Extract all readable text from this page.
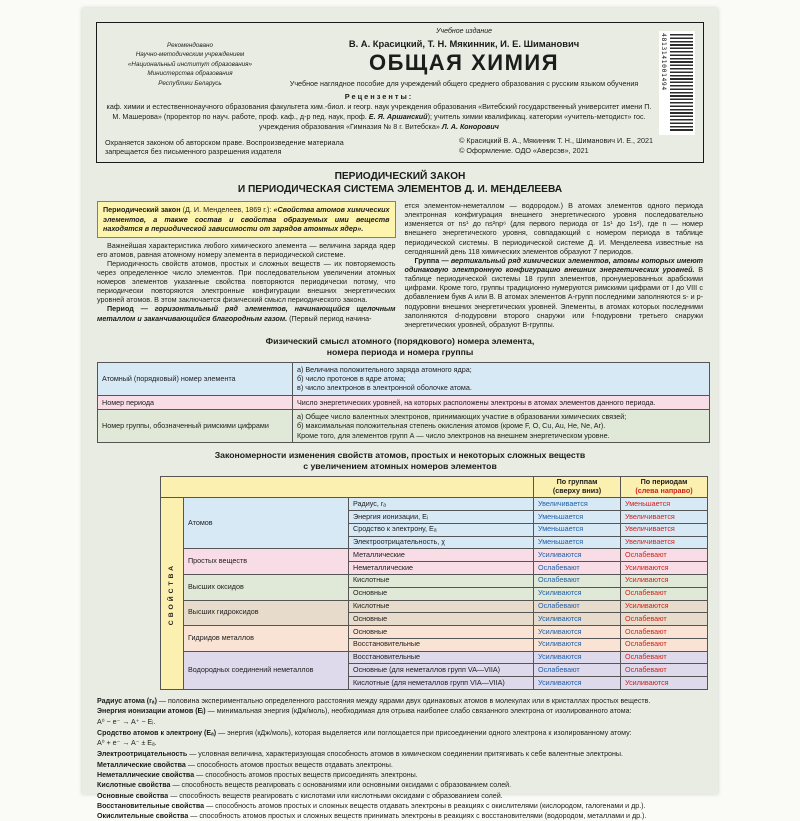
Рекомендовано
Научно-методическим учреждением
«Национальный институт образования»
Министерства образования
Республики Беларусь
Учебное издание
В. А. Красицкий, Т. Н. Мякинник, И. Е. Шиманович
ОБЩАЯ ХИМИЯ
Учебное наглядное пособие для учреждений общего среднего образования с русским языком обучения
Рецензенты:
каф. химии и естественнонаучного образования факультета хим.-биол. и геогр. наук учреждения образования «Витебский государственный университет имени П. М. Машерова» (проректор по науч. работе, проф. каф., д-р пед. наук, проф. Е. Я. Аршанский); учитель химии квалификац. категории «учитель-методист» гос. учреждения образования «Гимназия № 8 г. Витебска» Л. А. Конорович
Охраняется законом об авторском праве. Воспроизведение материала запрещается без письменного разрешения издателя
© Красицкий В. А., Мякинник Т. Н., Шиманович И. Е., 2021
© Оформление. ОДО «Аверсэв», 2021
4813141001494
ПЕРИОДИЧЕСКИЙ ЗАКОН
И ПЕРИОДИЧЕСКАЯ СИСТЕМА ЭЛЕМЕНТОВ Д. И. МЕНДЕЛЕЕВА
Периодический закон (Д. И. Менделеев, 1869 г.): «Свойства атомов химических элементов, а также состав и свойства образуемых ими веществ находятся в периодической зависимости от зарядов атомных ядер».
Важнейшая характеристика любого химического элемента — величина заряда ядер его атомов, равная атомному номеру элемента в периодической системе.
Периодичность свойств атомов, простых и сложных веществ — их повторяемость через определенное число элементов. При последовательном увеличении атомных номеров элементов указанные свойства повторяются периодически потому, что периодически повторяются электронные конфигурации внешних энергетических уровней атомов. В этом заключается физический смысл периодического закона.
Период — горизонтальный ряд элементов, начинающийся щелочным металлом и заканчивающийся благородным газом. (Первый период начина-
ется элементом-неметаллом — водородом.) В атомах элементов одного периода электронная конфигурация внешнего энергетического уровня последовательно изменяется от ns¹ до ns²np⁶ (для первого периода от 1s¹ до 1s²), где n — номер внешнего энергетического уровня, совпадающий с номером периода в таблице периодической системы. В периодической системе Д. И. Менделеева известные на сегодняшний день 118 химических элементов образуют 7 периодов.
Группа — вертикальный ряд химических элементов, атомы которых имеют одинаковую электронную конфигурацию внешних энергетических уровней. В таблице периодической системы 18 групп элементов, пронумерованных арабскими цифрами. Кроме того, группы традиционно нумеруются римскими цифрами от I до VIII с добавлением букв А или В. В атомах элементов А-групп последними заполняются s- и p-подуровни внешних энергетических уровней. Элементы, в атомах которых последними заполняются d-подуровни второго снаружи или f-подуровни третьего снаружи энергетических уровней, образуют В-группы.
Физический смысл атомного (порядкового) номера элемента,
номера периода и номера группы
Атомный (порядковый) номер элемента	а) Величина положительного заряда атомного ядра;
б) число протонов в ядре атома;
в) число электронов в электронной оболочке атома.
Номер периода	Число энергетических уровней, на которых расположены электроны в атомах элементов данного периода.
Номер группы, обозначенный римскими цифрами	а) Общее число валентных электронов, принимающих участие в образовании химических связей;
б) максимальная положительная степень окисления атомов (кроме F, O, Cu, Au, He, Ne, Ar).
Кроме того, для элементов групп А — число электронов на внешнем энергетическом уровне.
Закономерности изменения свойств атомов, простых и некоторых сложных веществ
с увеличением атомных номеров элементов

По группам
(сверху вниз)

По периодам
(слева направо)

СВОЙСТВА	Атомов	Радиус, rₐ	Увеличивается	Уменьшается
		Энергия ионизации, Eᵢ	Уменьшается	Увеличивается
		Сродство к электрону, Eₐ	Уменьшается	Увеличивается
		Электроотрицательность, χ	Уменьшается	Увеличивается
	Простых веществ	Металлические	Усиливаются	Ослабевают
		Неметаллические	Ослабевают	Усиливаются
	Высших оксидов	Кислотные	Ослабевают	Усиливаются
		Основные	Усиливаются	Ослабевают
	Высших гидроксидов	Кислотные	Ослабевают	Усиливаются
		Основные	Усиливаются	Ослабевают
	Гидридов металлов	Основные	Усиливаются	Ослабевают
		Восстановительные	Усиливаются	Ослабевают
	Водородных соединений неметаллов	Восстановительные	Усиливаются	Ослабевают
		Основные (для неметаллов групп VA—VIIA)	Ослабевают	Ослабевают
		Кислотные (для неметаллов групп VIA—VIIA)	Усиливаются	Усиливаются
Радиус атома (rₐ) — половина экспериментально определенного расстояния между ядрами двух одинаковых атомов в молекулах или в кристаллах простых веществ.
Энергия ионизации атомов (Eᵢ) — минимальная энергия (кДж/моль), необходимая для отрыва наиболее слабо связанного электрона от изолированного атома:
A⁰ − e⁻ → A⁺ − Eᵢ.
Сродство атомов к электрону (Eₐ) — энергия (кДж/моль), которая выделяется или поглощается при присоединении одного электрона к изолированному атому:
A⁰ + e⁻ → A⁻ ± Eₐ.
Электроотрицательность — условная величина, характеризующая способность атомов в химическом соединении притягивать к себе валентные электроны.
Металлические свойства — способность атомов простых веществ отдавать электроны.
Неметаллические свойства — способность атомов простых веществ присоединять электроны.
Кислотные свойства — способность веществ реагировать с основаниями или основными оксидами с образованием солей.
Основные свойства — способность веществ реагировать с кислотами или кислотными оксидами с образованием солей.
Восстановительные свойства — способность атомов простых и сложных веществ отдавать электроны в реакциях с окислителями (кислородом, галогенами и др.).
Окислительные свойства — способность атомов простых и сложных веществ принимать электроны в реакциях с восстановителями (водородом, металлами и др.).
